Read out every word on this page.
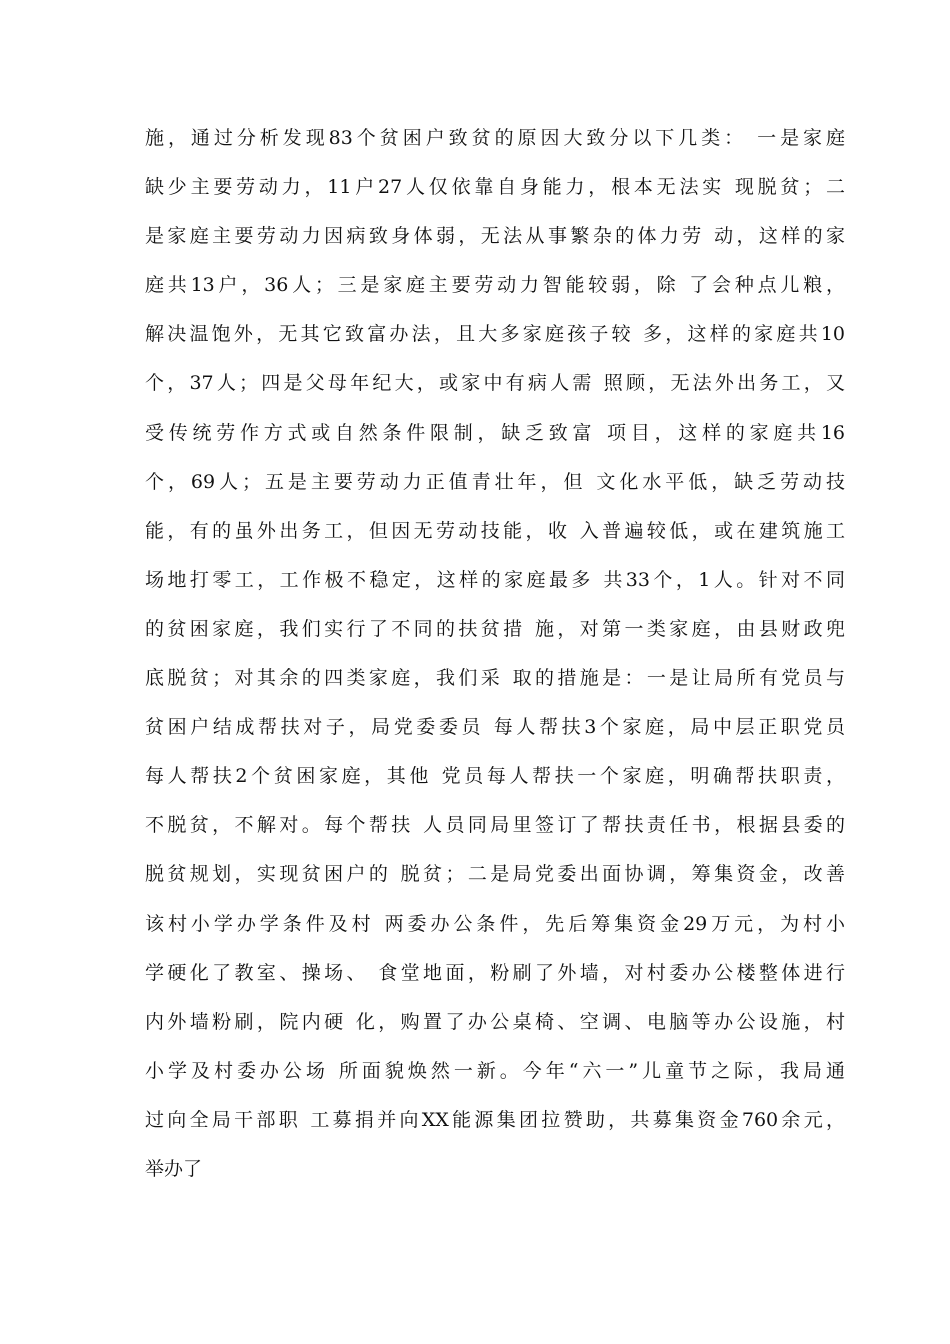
施，通过分析发现83个贫困户致贫的原因大致分以下几类： 一是家庭
缺少主要劳动力，11户27人仅依靠自身能力，根本无法实 现脱贫；二
是家庭主要劳动力因病致身体弱，无法从事繁杂的体力劳 动，这样的家
庭共13户，36人；三是家庭主要劳动力智能较弱，除 了会种点儿粮，
解决温饱外，无其它致富办法，且大多家庭孩子较 多，这样的家庭共10
个，37人；四是父母年纪大，或家中有病人需 照顾，无法外出务工，又
受传统劳作方式或自然条件限制，缺乏致富 项目，这样的家庭共16
个，69人；五是主要劳动力正值青壮年，但 文化水平低，缺乏劳动技
能，有的虽外出务工，但因无劳动技能，收 入普遍较低，或在建筑施工
场地打零工，工作极不稳定，这样的家庭最多 共33个，1人。针对不同
的贫困家庭，我们实行了不同的扶贫措 施，对第一类家庭，由县财政兜
底脱贫；对其余的四类家庭，我们采 取的措施是：一是让局所有党员与
贫困户结成帮扶对子，局党委委员 每人帮扶3个家庭，局中层正职党员
每人帮扶2个贫困家庭，其他 党员每人帮扶一个家庭，明确帮扶职责，
不脱贫，不解对。每个帮扶 人员同局里签订了帮扶责任书，根据县委的
脱贫规划，实现贫困户的 脱贫；二是局党委出面协调，筹集资金，改善
该村小学办学条件及村 两委办公条件，先后筹集资金29万元，为村小
学硬化了教室、操场、 食堂地面，粉刷了外墙，对村委办公楼整体进行
内外墙粉刷，院内硬 化，购置了办公桌椅、空调、电脑等办公设施，村
小学及村委办公场 所面貌焕然一新。今年“六一”儿童节之际，我局通
过向全局干部职 工募捐并向XX能源集团拉赞助，共募集资金760余元，
举办了
